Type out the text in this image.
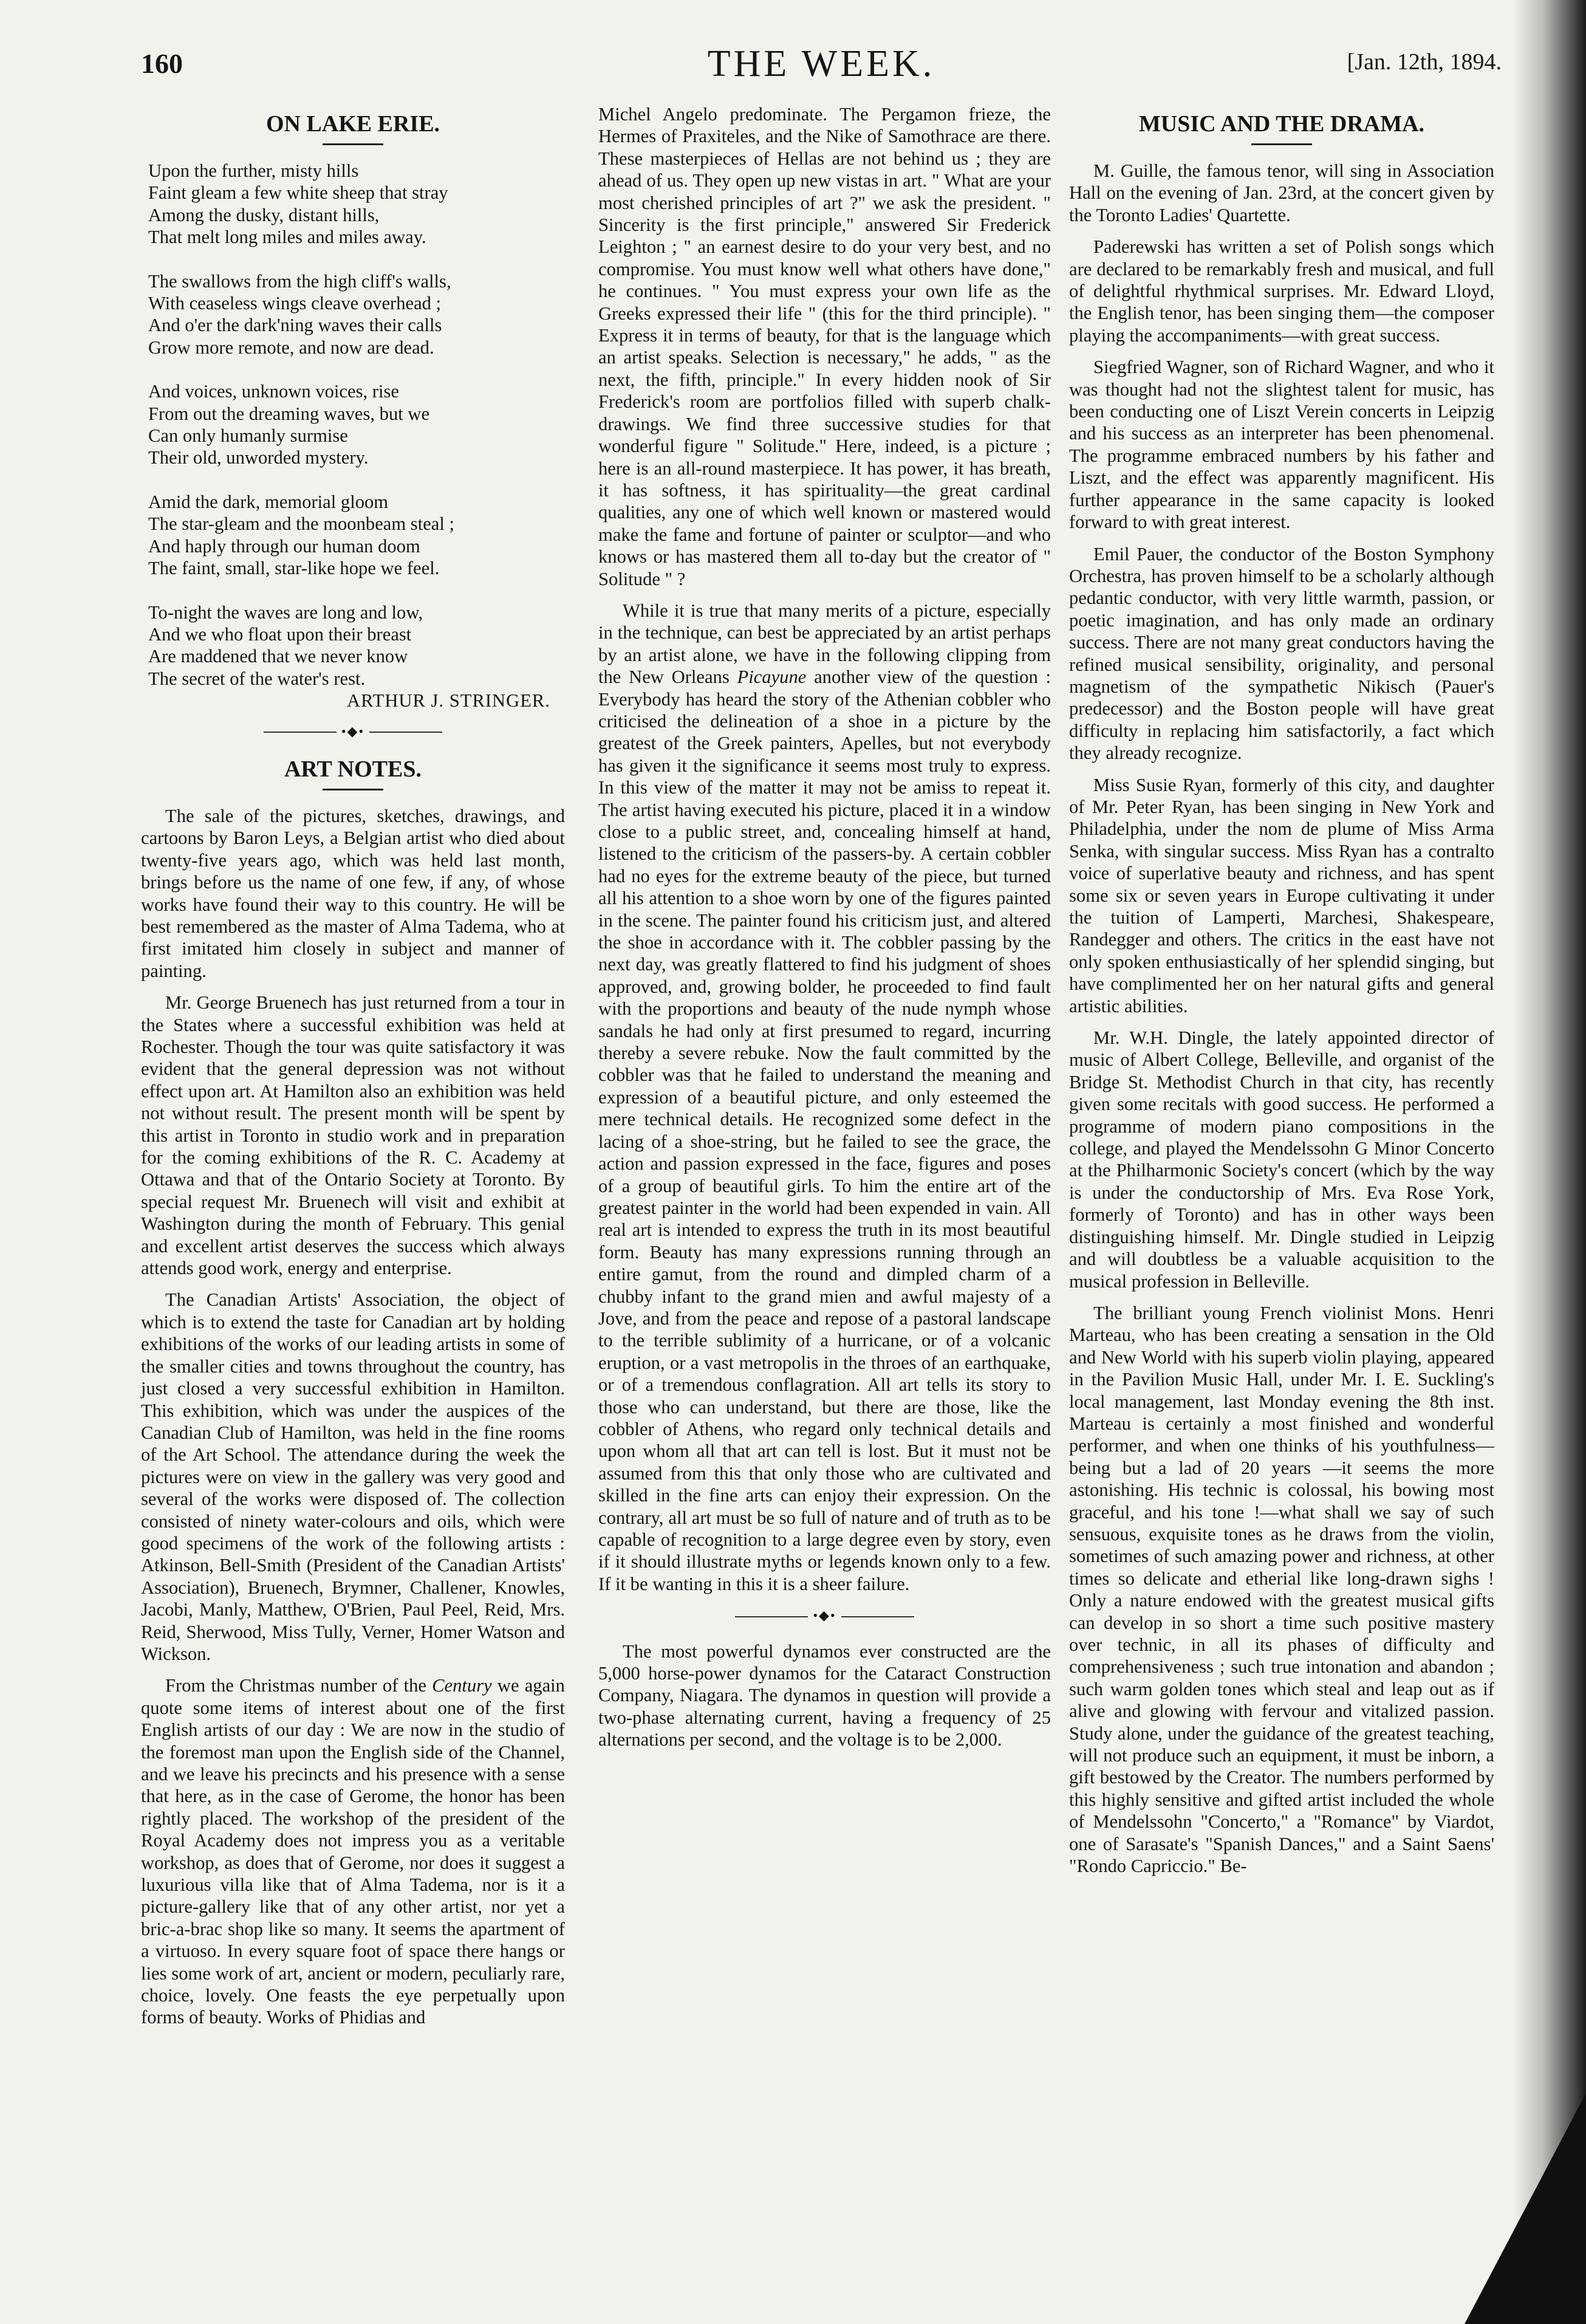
160	THE WEEK.	[Jan. 12th, 1894.
ON LAKE ERIE.
Upon the further, misty hills
Faint gleam a few white sheep that stray
Among the dusky, distant hills,
That melt long miles and miles away.
The swallows from the high cliff's walls,
With ceaseless wings cleave overhead ;
And o'er the dark'ning waves their calls
Grow more remote, and now are dead.
And voices, unknown voices, rise
From out the dreaming waves, but we
Can only humanly surmise
Their old, unworded mystery.
Amid the dark, memorial gloom
The star-gleam and the moonbeam steal ;
And haply through our human doom
The faint, small, star-like hope we feel.
To-night the waves are long and low,
And we who float upon their breast
Are maddened that we never know
The secret of the water's rest.
ARTHUR J. STRINGER.
•◆•
ART NOTES.

The sale of the pictures, sketches, drawings, and cartoons by Baron Leys, a Belgian artist who died about twenty-five years ago, which was held last month, brings before us the name of one few, if any, of whose works have found their way to this country. He will be best remembered as the master of Alma Tadema, who at first imitated him closely in subject and manner of painting.

Mr. George Bruenech has just returned from a tour in the States where a successful exhibition was held at Rochester. Though the tour was quite satisfactory it was evident that the general depression was not without effect upon art. At Hamilton also an exhibition was held not without result. The present month will be spent by this artist in Toronto in studio work and in preparation for the coming exhibitions of the R. C. Academy at Ottawa and that of the Ontario Society at Toronto. By special request Mr. Bruenech will visit and exhibit at Washington during the month of February. This genial and excellent artist deserves the success which always attends good work, energy and enterprise.

The Canadian Artists' Association, the object of which is to extend the taste for Canadian art by holding exhibitions of the works of our leading artists in some of the smaller cities and towns throughout the country, has just closed a very successful exhibition in Hamilton. This exhibition, which was under the auspices of the Canadian Club of Hamilton, was held in the fine rooms of the Art School. The attendance during the week the pictures were on view in the gallery was very good and several of the works were disposed of. The collection consisted of ninety water-colours and oils, which were good specimens of the work of the following artists : Atkinson, Bell-Smith (President of the Canadian Artists' Association), Bruenech, Brymner, Challener, Knowles, Jacobi, Manly, Matthew, O'Brien, Paul Peel, Reid, Mrs. Reid, Sherwood, Miss Tully, Verner, Homer Watson and Wickson.

From the Christmas number of the Century we again quote some items of interest about one of the first English artists of our day : We are now in the studio of the foremost man upon the English side of the Channel, and we leave his precincts and his presence with a sense that here, as in the case of Gerome, the honor has been rightly placed. The workshop of the president of the Royal Academy does not impress you as a veritable workshop, as does that of Gerome, nor does it suggest a luxurious villa like that of Alma Tadema, nor is it a picture-gallery like that of any other artist, nor yet a bric-a-brac shop like so many. It seems the apartment of a virtuoso. In every square foot of space there hangs or lies some work of art, ancient or modern, peculiarly rare, choice, lovely. One feasts the eye perpetually upon forms of beauty. Works of Phidias and

Michel Angelo predominate. The Pergamon frieze, the Hermes of Praxiteles, and the Nike of Samothrace are there. These masterpieces of Hellas are not behind us ; they are ahead of us. They open up new vistas in art. " What are your most cherished principles of art ?" we ask the president. " Sincerity is the first principle," answered Sir Frederick Leighton ; " an earnest desire to do your very best, and no compromise. You must know well what others have done," he continues. " You must express your own life as the Greeks expressed their life " (this for the third principle). " Express it in terms of beauty, for that is the language which an artist speaks. Selection is necessary," he adds, " as the next, the fifth, principle." In every hidden nook of Sir Frederick's room are portfolios filled with superb chalk-drawings. We find three successive studies for that wonderful figure " Solitude." Here, indeed, is a picture ; here is an all-round masterpiece. It has power, it has breath, it has softness, it has spirituality—the great cardinal qualities, any one of which well known or mastered would make the fame and fortune of painter or sculptor—and who knows or has mastered them all to-day but the creator of " Solitude " ?

While it is true that many merits of a picture, especially in the technique, can best be appreciated by an artist perhaps by an artist alone, we have in the following clipping from the New Orleans Picayune another view of the question : Everybody has heard the story of the Athenian cobbler who criticised the delineation of a shoe in a picture by the greatest of the Greek painters, Apelles, but not everybody has given it the significance it seems most truly to express. In this view of the matter it may not be amiss to repeat it. The artist having executed his picture, placed it in a window close to a public street, and, concealing himself at hand, listened to the criticism of the passers-by. A certain cobbler had no eyes for the extreme beauty of the piece, but turned all his attention to a shoe worn by one of the figures painted in the scene. The painter found his criticism just, and altered the shoe in accordance with it. The cobbler passing by the next day, was greatly flattered to find his judgment of shoes approved, and, growing bolder, he proceeded to find fault with the proportions and beauty of the nude nymph whose sandals he had only at first presumed to regard, incurring thereby a severe rebuke. Now the fault committed by the cobbler was that he failed to understand the meaning and expression of a beautiful picture, and only esteemed the mere technical details. He recognized some defect in the lacing of a shoe-string, but he failed to see the grace, the action and passion expressed in the face, figures and poses of a group of beautiful girls. To him the entire art of the greatest painter in the world had been expended in vain. All real art is intended to express the truth in its most beautiful form. Beauty has many expressions running through an entire gamut, from the round and dimpled charm of a chubby infant to the grand mien and awful majesty of a Jove, and from the peace and repose of a pastoral landscape to the terrible sublimity of a hurricane, or of a volcanic eruption, or a vast metropolis in the throes of an earthquake, or of a tremendous conflagration. All art tells its story to those who can understand, but there are those, like the cobbler of Athens, who regard only technical details and upon whom all that art can tell is lost. But it must not be assumed from this that only those who are cultivated and skilled in the fine arts can enjoy their expression. On the contrary, all art must be so full of nature and of truth as to be capable of recognition to a large degree even by story, even if it should illustrate myths or legends known only to a few. If it be wanting in this it is a sheer failure.

•◆•

The most powerful dynamos ever constructed are the 5,000 horse-power dynamos for the Cataract Construction Company, Niagara. The dynamos in question will provide a two-phase alternating current, having a frequency of 25 alternations per second, and the voltage is to be 2,000.

MUSIC AND THE DRAMA.

M. Guille, the famous tenor, will sing in Association Hall on the evening of Jan. 23rd, at the concert given by the Toronto Ladies' Quartette.

Paderewski has written a set of Polish songs which are declared to be remarkably fresh and musical, and full of delightful rhythmical surprises. Mr. Edward Lloyd, the English tenor, has been singing them—the composer playing the accompaniments—with great success.

Siegfried Wagner, son of Richard Wagner, and who it was thought had not the slightest talent for music, has been conducting one of Liszt Verein concerts in Leipzig and his success as an interpreter has been phenomenal. The programme embraced numbers by his father and Liszt, and the effect was apparently magnificent. His further appearance in the same capacity is looked forward to with great interest.

Emil Pauer, the conductor of the Boston Symphony Orchestra, has proven himself to be a scholarly although pedantic conductor, with very little warmth, passion, or poetic imagination, and has only made an ordinary success. There are not many great conductors having the refined musical sensibility, originality, and personal magnetism of the sympathetic Nikisch (Pauer's predecessor) and the Boston people will have great difficulty in replacing him satisfactorily, a fact which they already recognize.

Miss Susie Ryan, formerly of this city, and daughter of Mr. Peter Ryan, has been singing in New York and Philadelphia, under the nom de plume of Miss Arma Senka, with singular success. Miss Ryan has a contralto voice of superlative beauty and richness, and has spent some six or seven years in Europe cultivating it under the tuition of Lamperti, Marchesi, Shakespeare, Randegger and others. The critics in the east have not only spoken enthusiastically of her splendid singing, but have complimented her on her natural gifts and general artistic abilities.

Mr. W.H. Dingle, the lately appointed director of music of Albert College, Belleville, and organist of the Bridge St. Methodist Church in that city, has recently given some recitals with good success. He performed a programme of modern piano compositions in the college, and played the Mendelssohn G Minor Concerto at the Philharmonic Society's concert (which by the way is under the conductorship of Mrs. Eva Rose York, formerly of Toronto) and has in other ways been distinguishing himself. Mr. Dingle studied in Leipzig and will doubtless be a valuable acquisition to the musical profession in Belleville.

The brilliant young French violinist Mons. Henri Marteau, who has been creating a sensation in the Old and New World with his superb violin playing, appeared in the Pavilion Music Hall, under Mr. I. E. Suckling's local management, last Monday evening the 8th inst. Marteau is certainly a most finished and wonderful performer, and when one thinks of his youthfulness—being but a lad of 20 years —it seems the more astonishing. His technic is colossal, his bowing most graceful, and his tone !—what shall we say of such sensuous, exquisite tones as he draws from the violin, sometimes of such amazing power and richness, at other times so delicate and etherial like long-drawn sighs ! Only a nature endowed with the greatest musical gifts can develop in so short a time such positive mastery over technic, in all its phases of difficulty and comprehensiveness ; such true intonation and abandon ; such warm golden tones which steal and leap out as if alive and glowing with fervour and vitalized passion. Study alone, under the guidance of the greatest teaching, will not produce such an equipment, it must be inborn, a gift bestowed by the Creator. The numbers performed by this highly sensitive and gifted artist included the whole of Mendelssohn "Concerto," a "Romance" by Viardot, one of Sarasate's "Spanish Dances," and a Saint Saens' "Rondo Capriccio." Be-
